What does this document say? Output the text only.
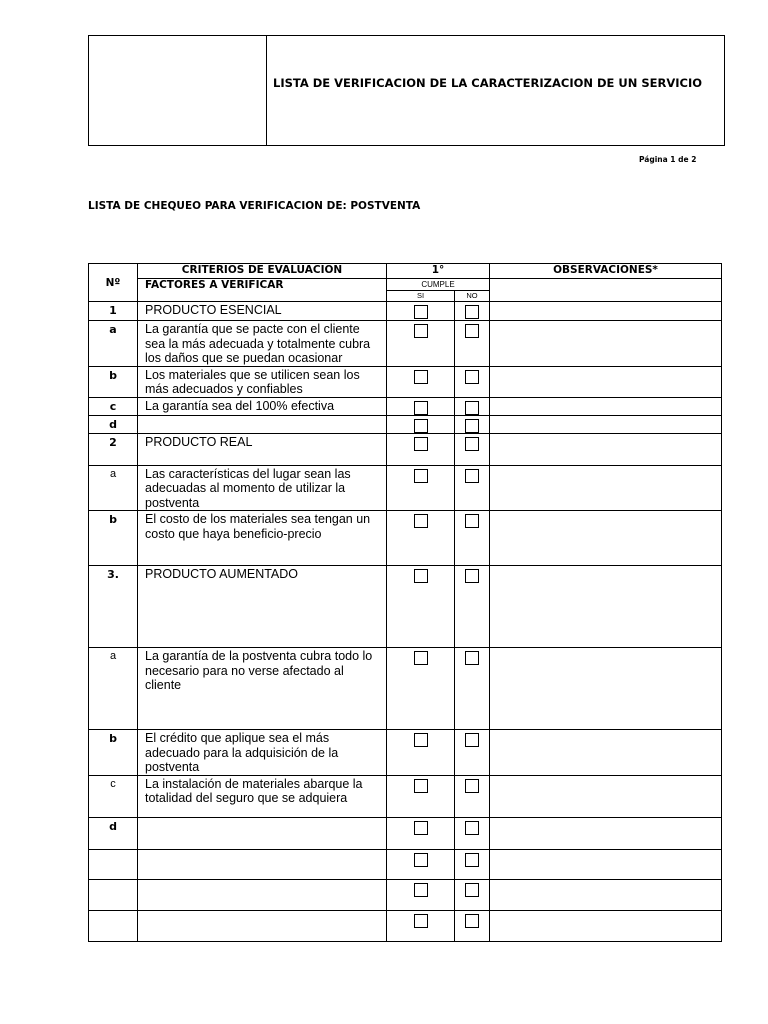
LISTA DE VERIFICACION DE LA CARACTERIZACION DE UN SERVICIO
Página 1 de 2
LISTA DE CHEQUEO PARA VERIFICACION DE: POSTVENTA
Nº	CRITERIOS DE EVALUACION	1°		OBSERVACIONES*
	FACTORES A VERIFICAR	CUMPLE		
		SI	NO	
1	PRODUCTO ESENCIAL	

a	La garantía que se pacte con el cliente sea la más adecuada y totalmente cubra los daños que se puedan ocasionar	

b	Los materiales que se utilicen sean los más adecuados y confiables	

c	La garantía sea del 100% efectiva	

d		

2	PRODUCTO REAL	

a	Las características del lugar sean las adecuadas al momento de utilizar la postventa	

b	El costo de los materiales sea tengan un costo que haya beneficio-precio	

3.	PRODUCTO AUMENTADO	

a	La garantía de la postventa cubra todo lo necesario para no verse afectado al cliente	

b	El crédito que aplique sea el más adecuado para la adquisición de la postventa	

c	La instalación de materiales abarque la totalidad del seguro que se adquiera	

d		
